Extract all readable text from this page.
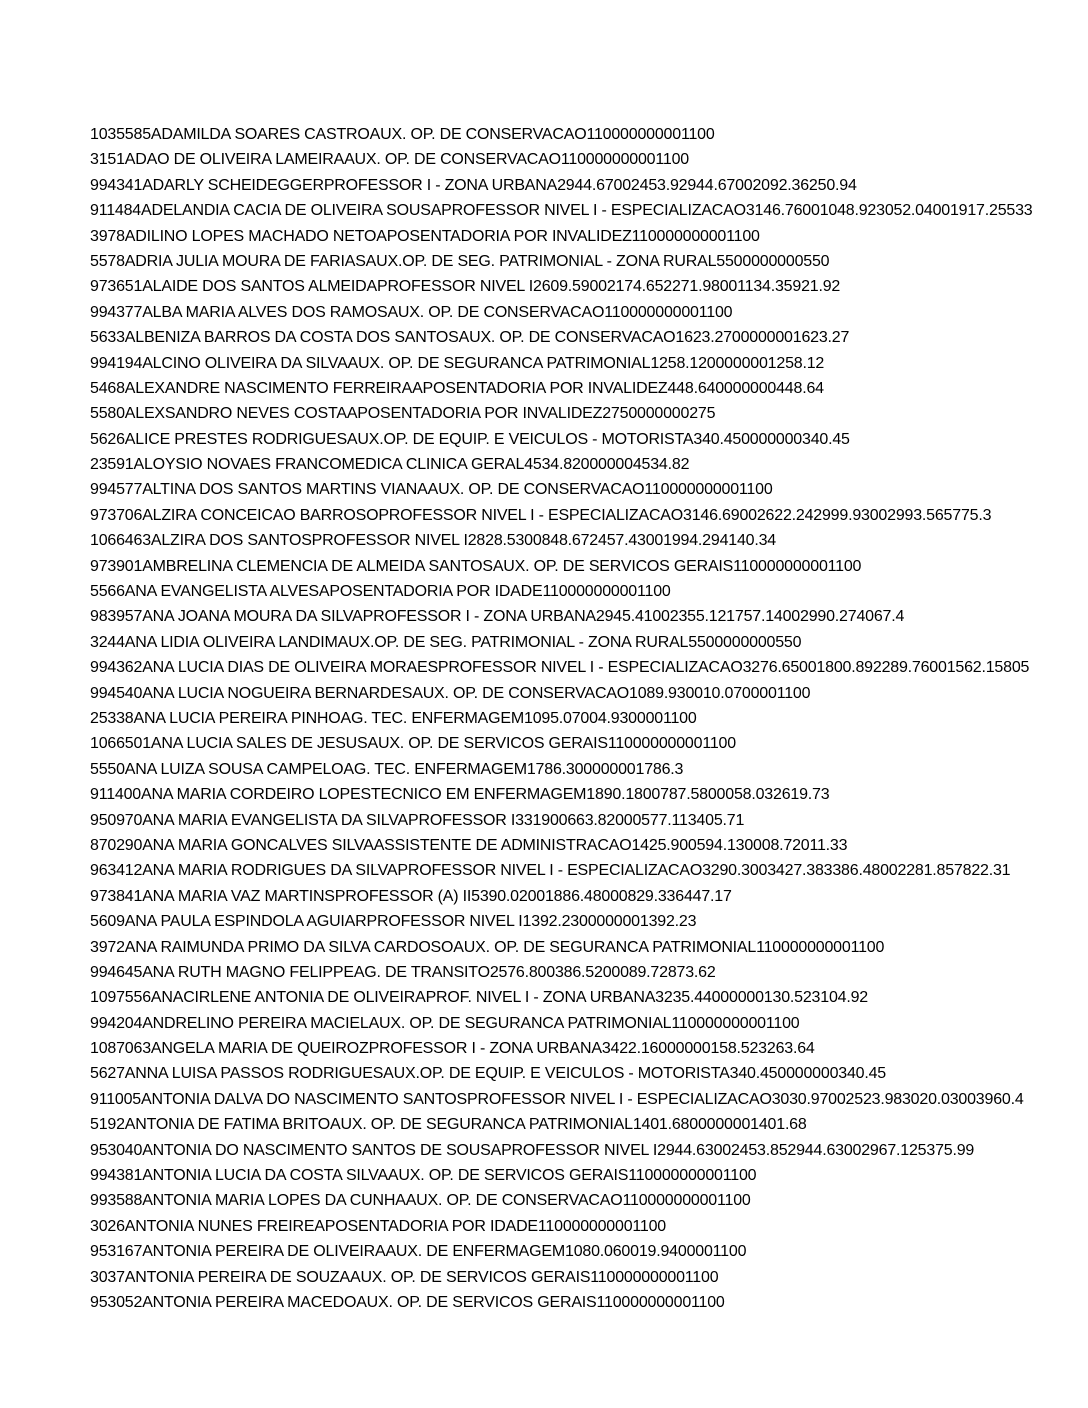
1035585ADAMILDA SOARES CASTROAUX. OP. DE CONSERVACAO110000000001100
3151ADAO DE OLIVEIRA LAMEIRAAUX. OP. DE CONSERVACAO110000000001100
994341ADARLY SCHEIDEGGERPROFESSOR I - ZONA URBANA2944.67002453.92944.67002092.36250.94
911484ADELANDIA CACIA DE OLIVEIRA SOUSAPROFESSOR NIVEL I - ESPECIALIZACAO3146.76001048.923052.04001917.25533
3978ADILINO LOPES MACHADO NETOAPOSENTADORIA POR INVALIDEZ110000000001100
5578ADRIA JULIA MOURA DE FARIASAUX.OP. DE SEG. PATRIMONIAL - ZONA RURAL5500000000550
973651ALAIDE DOS SANTOS ALMEIDAPROFESSOR NIVEL I2609.59002174.652271.98001134.35921.92
994377ALBA MARIA ALVES DOS RAMOSAUX. OP. DE CONSERVACAO110000000001100
5633ALBENIZA BARROS DA COSTA DOS SANTOSAUX. OP. DE CONSERVACAO1623.2700000001623.27
994194ALCINO OLIVEIRA DA SILVAAUX. OP. DE SEGURANCA PATRIMONIAL1258.1200000001258.12
5468ALEXANDRE NASCIMENTO FERREIRAAPOSENTADORIA POR INVALIDEZ448.640000000448.64
5580ALEXSANDRO NEVES COSTAAPOSENTADORIA POR INVALIDEZ2750000000275
5626ALICE PRESTES RODRIGUESAUX.OP. DE EQUIP. E VEICULOS - MOTORISTA340.450000000340.45
23591ALOYSIO NOVAES FRANCOMEDICA CLINICA GERAL4534.820000004534.82
994577ALTINA DOS SANTOS MARTINS VIANAAUX. OP. DE CONSERVACAO110000000001100
973706ALZIRA CONCEICAO BARROSOPROFESSOR NIVEL I - ESPECIALIZACAO3146.69002622.242999.93002993.565775.3
1066463ALZIRA DOS SANTOSPROFESSOR NIVEL I2828.5300848.672457.43001994.294140.34
973901AMBRELINA CLEMENCIA DE ALMEIDA SANTOSAUX. OP. DE SERVICOS GERAIS110000000001100
5566ANA EVANGELISTA ALVESAPOSENTADORIA POR IDADE110000000001100
983957ANA JOANA MOURA DA SILVAPROFESSOR I - ZONA URBANA2945.41002355.121757.14002990.274067.4
3244ANA LIDIA OLIVEIRA LANDIMAUX.OP. DE SEG. PATRIMONIAL - ZONA RURAL5500000000550
994362ANA LUCIA DIAS DE OLIVEIRA MORAESPROFESSOR NIVEL I - ESPECIALIZACAO3276.65001800.892289.76001562.15805
994540ANA LUCIA NOGUEIRA BERNARDESAUX. OP. DE CONSERVACAO1089.930010.0700001100
25338ANA LUCIA PEREIRA PINHOAG. TEC. ENFERMAGEM1095.07004.9300001100
1066501ANA LUCIA SALES DE JESUSAUX. OP. DE SERVICOS GERAIS110000000001100
5550ANA LUIZA SOUSA CAMPELOAG. TEC. ENFERMAGEM1786.300000001786.3
911400ANA MARIA CORDEIRO LOPESTECNICO EM ENFERMAGEM1890.1800787.5800058.032619.73
950970ANA MARIA EVANGELISTA DA SILVAPROFESSOR I331900663.82000577.113405.71
870290ANA MARIA GONCALVES SILVAASSISTENTE DE ADMINISTRACAO1425.900594.130008.72011.33
963412ANA MARIA RODRIGUES DA SILVAPROFESSOR NIVEL I - ESPECIALIZACAO3290.3003427.383386.48002281.857822.31
973841ANA MARIA VAZ MARTINSPROFESSOR (A) II5390.02001886.48000829.336447.17
5609ANA PAULA ESPINDOLA AGUIARPROFESSOR NIVEL I1392.2300000001392.23
3972ANA RAIMUNDA PRIMO DA SILVA CARDOSOAUX. OP. DE SEGURANCA PATRIMONIAL110000000001100
994645ANA RUTH MAGNO FELIPPEAG. DE TRANSITO2576.800386.5200089.72873.62
1097556ANACIRLENE ANTONIA DE OLIVEIRAPROF. NIVEL I - ZONA URBANA3235.44000000130.523104.92
994204ANDRELINO PEREIRA MACIELAUX. OP. DE SEGURANCA PATRIMONIAL110000000001100
1087063ANGELA MARIA DE QUEIROZPROFESSOR I - ZONA URBANA3422.16000000158.523263.64
5627ANNA LUISA PASSOS RODRIGUESAUX.OP. DE EQUIP. E VEICULOS - MOTORISTA340.450000000340.45
911005ANTONIA DALVA DO NASCIMENTO SANTOSPROFESSOR NIVEL I - ESPECIALIZACAO3030.97002523.983020.03003960.4
5192ANTONIA DE FATIMA BRITOAUX. OP. DE SEGURANCA PATRIMONIAL1401.6800000001401.68
953040ANTONIA DO NASCIMENTO SANTOS DE SOUSAPROFESSOR NIVEL I2944.63002453.852944.63002967.125375.99
994381ANTONIA LUCIA DA COSTA SILVAAUX. OP. DE SERVICOS GERAIS110000000001100
993588ANTONIA MARIA LOPES DA CUNHAAUX. OP. DE CONSERVACAO110000000001100
3026ANTONIA NUNES FREIREAPOSENTADORIA POR IDADE110000000001100
953167ANTONIA PEREIRA DE OLIVEIRAAUX. DE ENFERMAGEM1080.060019.9400001100
3037ANTONIA PEREIRA DE SOUZAAUX. OP. DE SERVICOS GERAIS110000000001100
953052ANTONIA PEREIRA MACEDOAUX. OP. DE SERVICOS GERAIS110000000001100
